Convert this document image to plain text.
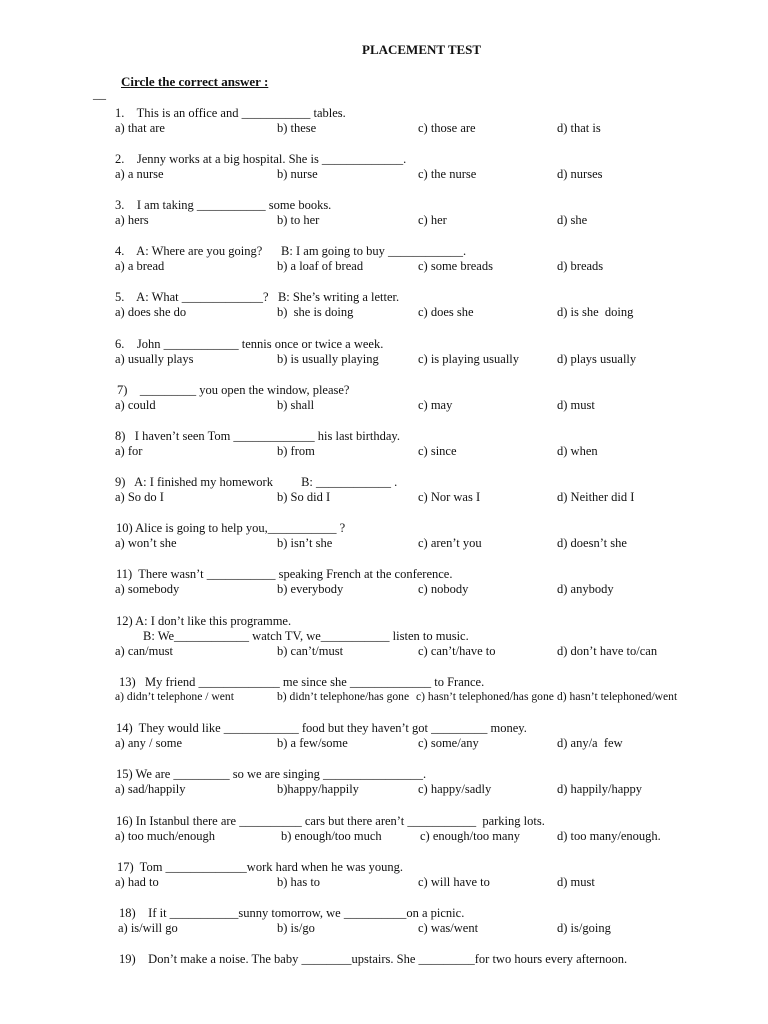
PLACEMENT TEST
Circle the correct answer :
__
1.    This is an office and ___________ tables.
a) that are	b) these	c) those are	d) that is
2.    Jenny works at a big hospital. She is _____________.
a) a nurse	b) nurse	c) the nurse	d) nurses
3.    I am taking ___________ some books.
a) hers	b) to her	c) her	d) she
4.    A: Where are you going?      B: I am going to buy ____________.
a) a bread	b) a loaf of bread	c) some breads	d) breads
5.    A: What _____________?   B: She’s writing a letter.
a) does she do	b)  she is doing	c) does she	d) is she  doing
6.    John ____________ tennis once or twice a week.
a) usually plays	b) is usually playing	c) is playing usually	d) plays usually
7)    _________ you open the window, please?
a) could	b) shall	c) may	d) must
8)   I haven’t seen Tom _____________ his last birthday.
a) for	b) from	c) since	d) when
9)   A: I finished my homework         B: ____________ .
a) So do I	b) So did I	c) Nor was I	d) Neither did I
10) Alice is going to help you,___________ ?
a) won’t she	b) isn’t she	c) aren’t you	d) doesn’t she
11)  There wasn’t ___________ speaking French at the conference.
a) somebody	b) everybody	c) nobody	d) anybody
12) A: I don’t like this programme.
B: We____________ watch TV, we___________ listen to music.
a) can/must	b) can’t/must	c) can’t/have to	d) don’t have to/can
13)   My friend _____________ me since she _____________ to France.
a) didn’t telephone / went	b) didn’t telephone/has gone c) hasn’t telephoned/has gone d) hasn’t telephoned/went
14)  They would like ____________ food but they haven’t got _________ money.
a) any / some	b) a few/some	c) some/any	d) any/a  few
15) We are _________ so we are singing ________________.
a) sad/happily	b)happy/happily	c) happy/sadly	d) happily/happy
16) In Istanbul there are __________ cars but there aren’t ___________  parking lots.
a) too much/enough	b) enough/too much	c) enough/too many	d) too many/enough.
17)  Tom _____________work hard when he was young.
a) had to	b) has to	c) will have to	d) must
18)    If it ___________sunny tomorrow, we __________on a picnic.
a) is/will go	b) is/go	c) was/went	d) is/going
19)    Don’t make a noise. The baby ________upstairs. She _________for two hours every afternoon.
